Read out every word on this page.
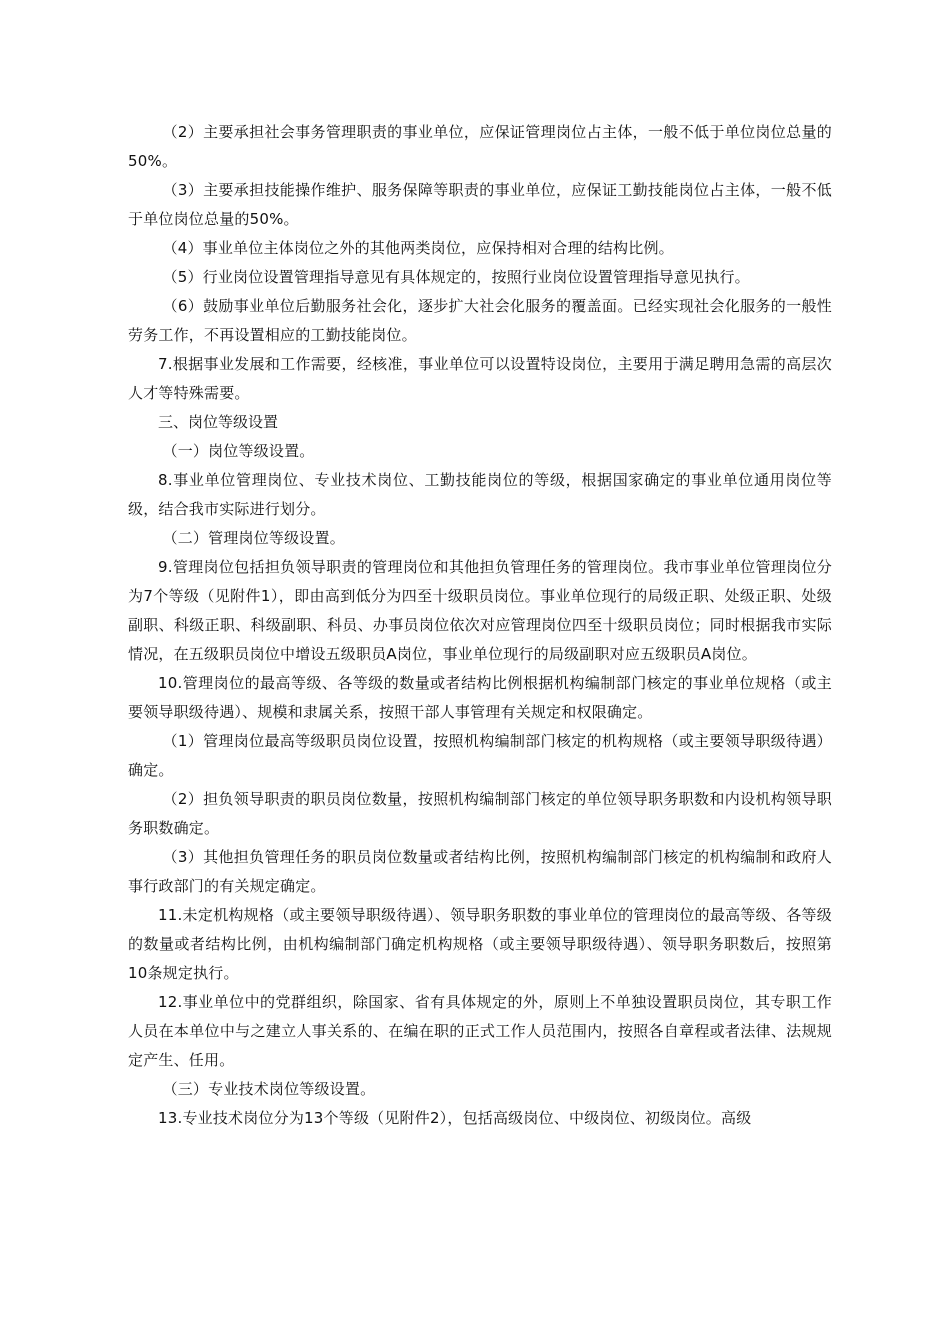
（2）主要承担社会事务管理职责的事业单位，应保证管理岗位占主体，一般不低于单位岗位总量的50%。

（3）主要承担技能操作维护、服务保障等职责的事业单位，应保证工勤技能岗位占主体，一般不低于单位岗位总量的50%。

（4）事业单位主体岗位之外的其他两类岗位，应保持相对合理的结构比例。

（5）行业岗位设置管理指导意见有具体规定的，按照行业岗位设置管理指导意见执行。

（6）鼓励事业单位后勤服务社会化，逐步扩大社会化服务的覆盖面。已经实现社会化服务的一般性劳务工作，不再设置相应的工勤技能岗位。

7.根据事业发展和工作需要，经核准，事业单位可以设置特设岗位，主要用于满足聘用急需的高层次人才等特殊需要。

三、岗位等级设置

（一）岗位等级设置。

8.事业单位管理岗位、专业技术岗位、工勤技能岗位的等级，根据国家确定的事业单位通用岗位等级，结合我市实际进行划分。

（二）管理岗位等级设置。

9.管理岗位包括担负领导职责的管理岗位和其他担负管理任务的管理岗位。我市事业单位管理岗位分为7个等级（见附件1），即由高到低分为四至十级职员岗位。事业单位现行的局级正职、处级正职、处级副职、科级正职、科级副职、科员、办事员岗位依次对应管理岗位四至十级职员岗位；同时根据我市实际情况，在五级职员岗位中增设五级职员A岗位，事业单位现行的局级副职对应五级职员A岗位。

10.管理岗位的最高等级、各等级的数量或者结构比例根据机构编制部门核定的事业单位规格（或主要领导职级待遇）、规模和隶属关系，按照干部人事管理有关规定和权限确定。

（1）管理岗位最高等级职员岗位设置，按照机构编制部门核定的机构规格（或主要领导职级待遇）确定。

（2）担负领导职责的职员岗位数量，按照机构编制部门核定的单位领导职务职数和内设机构领导职务职数确定。

（3）其他担负管理任务的职员岗位数量或者结构比例，按照机构编制部门核定的机构编制和政府人事行政部门的有关规定确定。

11.未定机构规格（或主要领导职级待遇）、领导职务职数的事业单位的管理岗位的最高等级、各等级的数量或者结构比例，由机构编制部门确定机构规格（或主要领导职级待遇）、领导职务职数后，按照第10条规定执行。

12.事业单位中的党群组织，除国家、省有具体规定的外，原则上不单独设置职员岗位，其专职工作人员在本单位中与之建立人事关系的、在编在职的正式工作人员范围内，按照各自章程或者法律、法规规定产生、任用。

（三）专业技术岗位等级设置。

13.专业技术岗位分为13个等级（见附件2），包括高级岗位、中级岗位、初级岗位。高级
